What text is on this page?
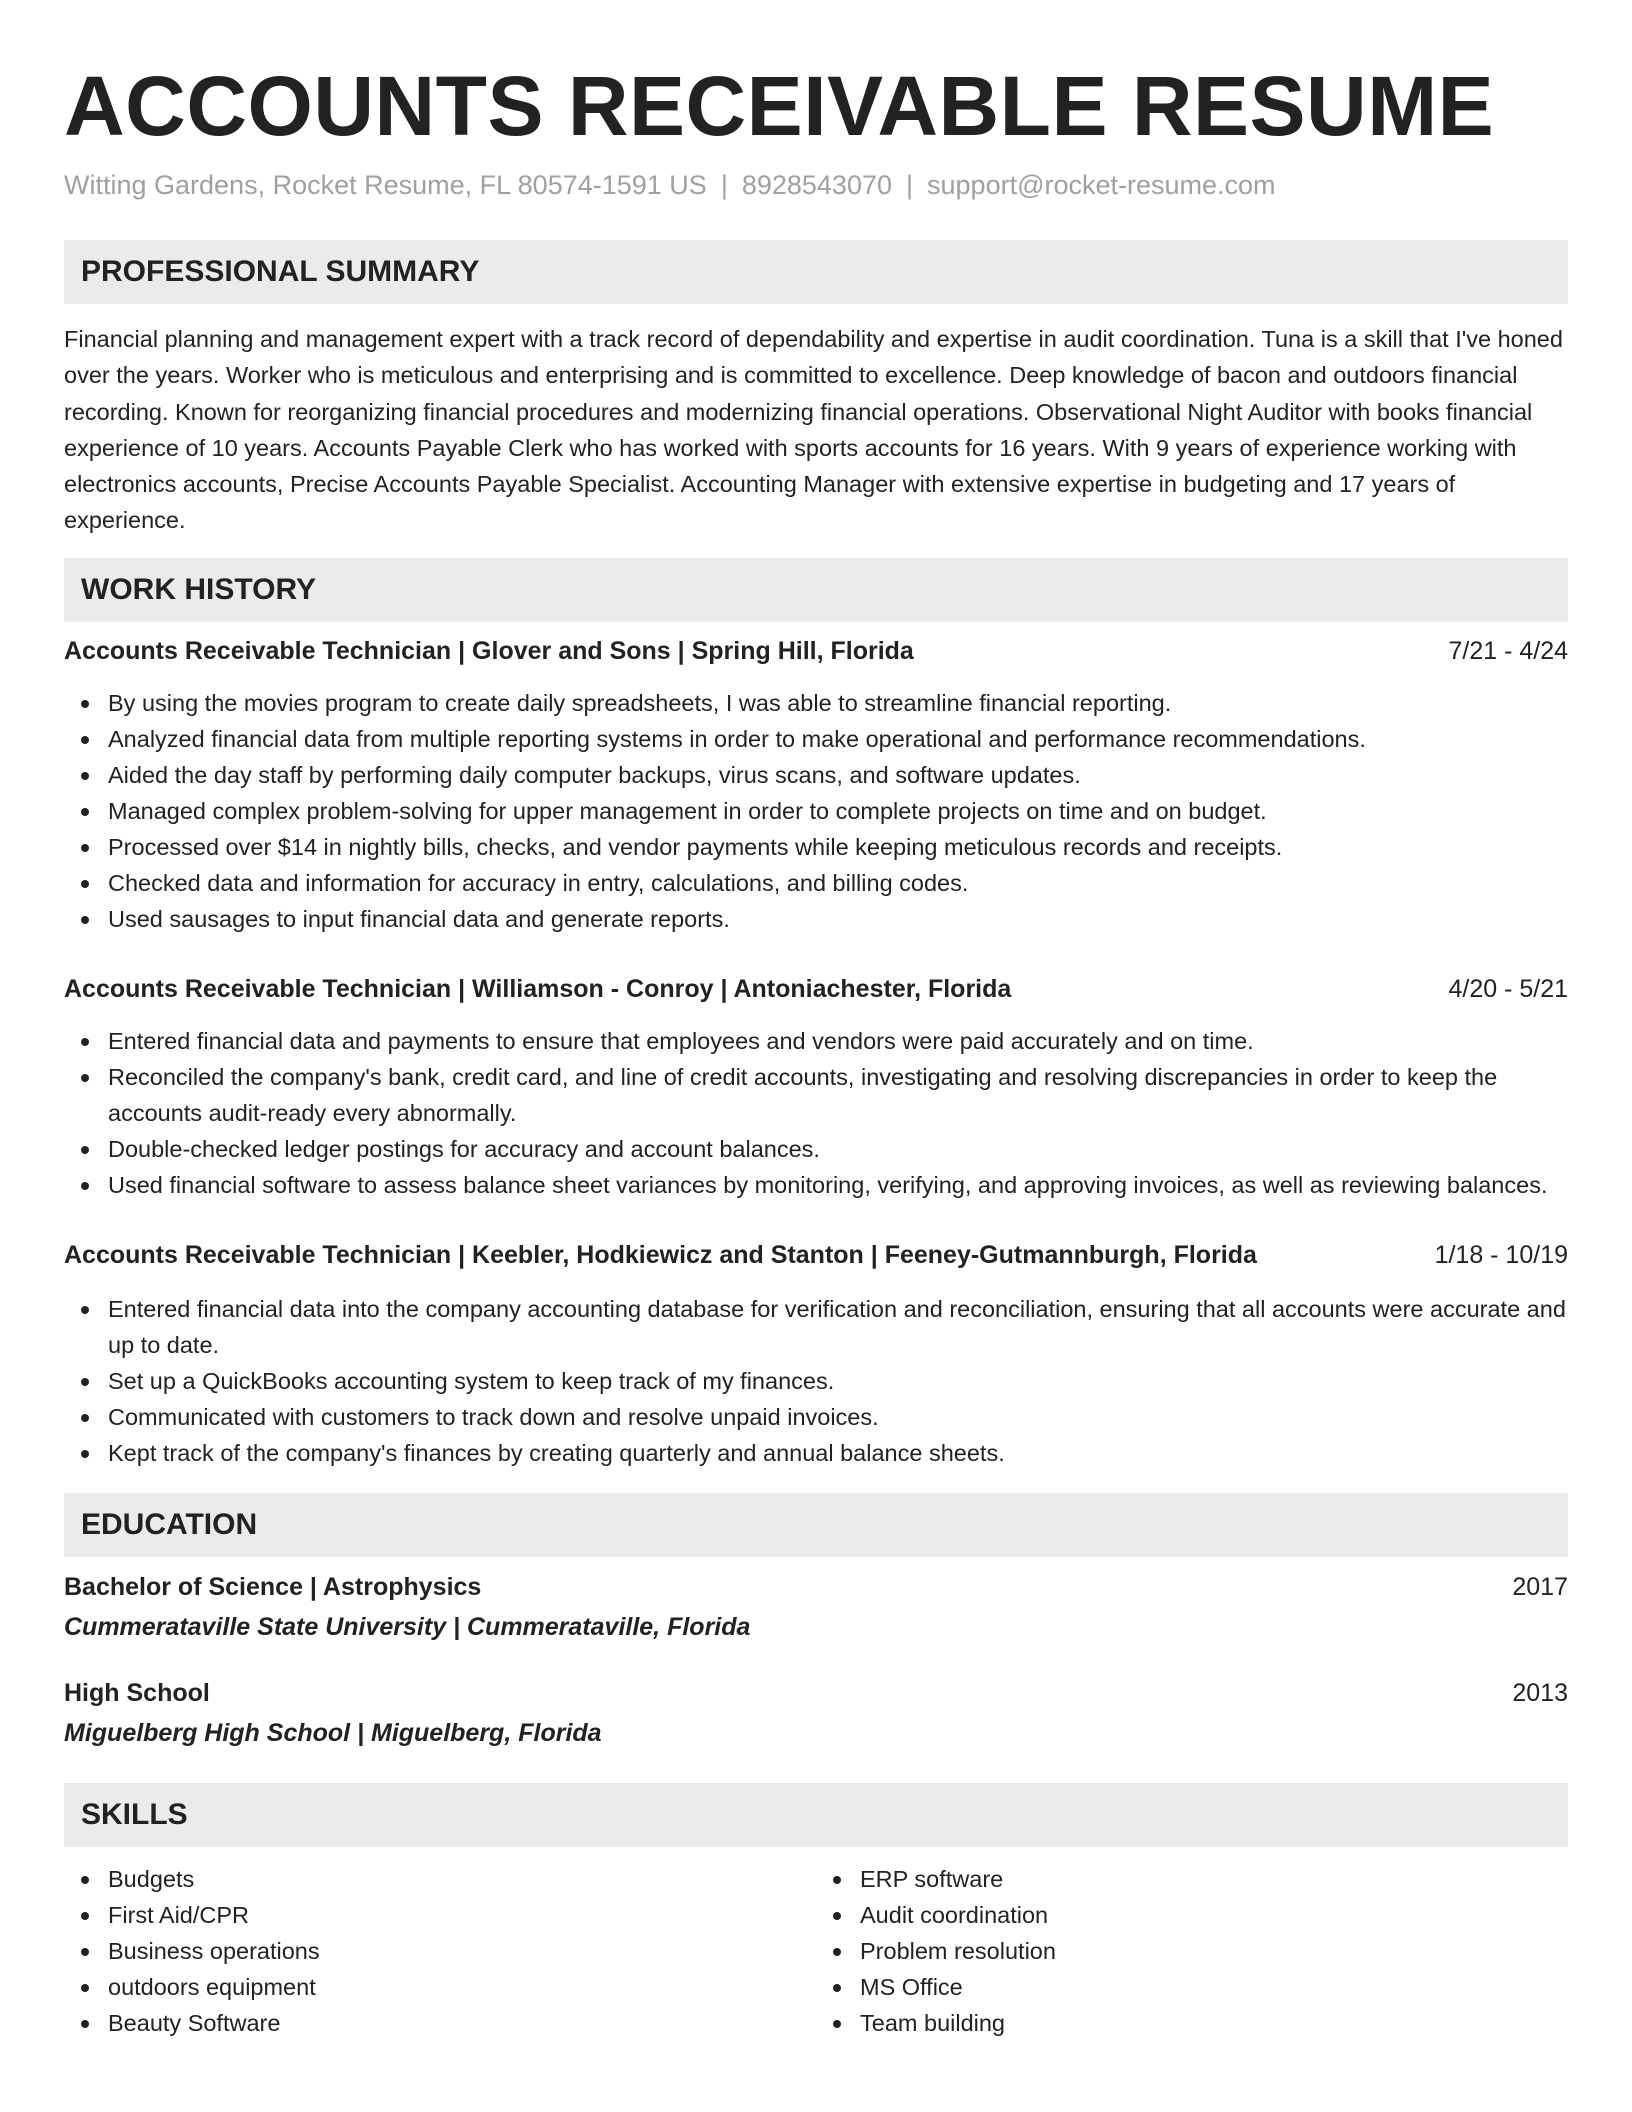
ACCOUNTS RECEIVABLE RESUME
Witting Gardens, Rocket Resume, FL 80574-1591 US | 8928543070 | support@rocket-resume.com
PROFESSIONAL SUMMARY

Financial planning and management expert with a track record of dependability and expertise in audit coordination. Tuna is a skill that I've honed over the years. Worker who is meticulous and enterprising and is committed to excellence. Deep knowledge of bacon and outdoors financial recording. Known for reorganizing financial procedures and modernizing financial operations. Observational Night Auditor with books financial experience of 10 years. Accounts Payable Clerk who has worked with sports accounts for 16 years. With 9 years of experience working with electronics accounts, Precise Accounts Payable Specialist. Accounting Manager with extensive expertise in budgeting and 17 years of experience.

WORK HISTORY
Accounts Receivable Technician | Glover and Sons | Spring Hill, Florida	7/21 - 4/24
By using the movies program to create daily spreadsheets, I was able to streamline financial reporting.
Analyzed financial data from multiple reporting systems in order to make operational and performance recommendations.
Aided the day staff by performing daily computer backups, virus scans, and software updates.
Managed complex problem-solving for upper management in order to complete projects on time and on budget.
Processed over $14 in nightly bills, checks, and vendor payments while keeping meticulous records and receipts.
Checked data and information for accuracy in entry, calculations, and billing codes.
Used sausages to input financial data and generate reports.
Accounts Receivable Technician | Williamson - Conroy | Antoniachester, Florida	4/20 - 5/21
Entered financial data and payments to ensure that employees and vendors were paid accurately and on time.
Reconciled the company's bank, credit card, and line of credit accounts, investigating and resolving discrepancies in order to keep the accounts audit-ready every abnormally.
Double-checked ledger postings for accuracy and account balances.
Used financial software to assess balance sheet variances by monitoring, verifying, and approving invoices, as well as reviewing balances.
Accounts Receivable Technician | Keebler, Hodkiewicz and Stanton | Feeney-Gutmannburgh, Florida	1/18 - 10/19
Entered financial data into the company accounting database for verification and reconciliation, ensuring that all accounts were accurate and up to date.
Set up a QuickBooks accounting system to keep track of my finances.
Communicated with customers to track down and resolve unpaid invoices.
Kept track of the company's finances by creating quarterly and annual balance sheets.
EDUCATION
Bachelor of Science | Astrophysics	2017
Cummerataville State University | Cummerataville, Florida
High School	2013
Miguelberg High School | Miguelberg, Florida
SKILLS
Budgets
First Aid/CPR
Business operations
outdoors equipment
Beauty Software
ERP software
Audit coordination
Problem resolution
MS Office
Team building
